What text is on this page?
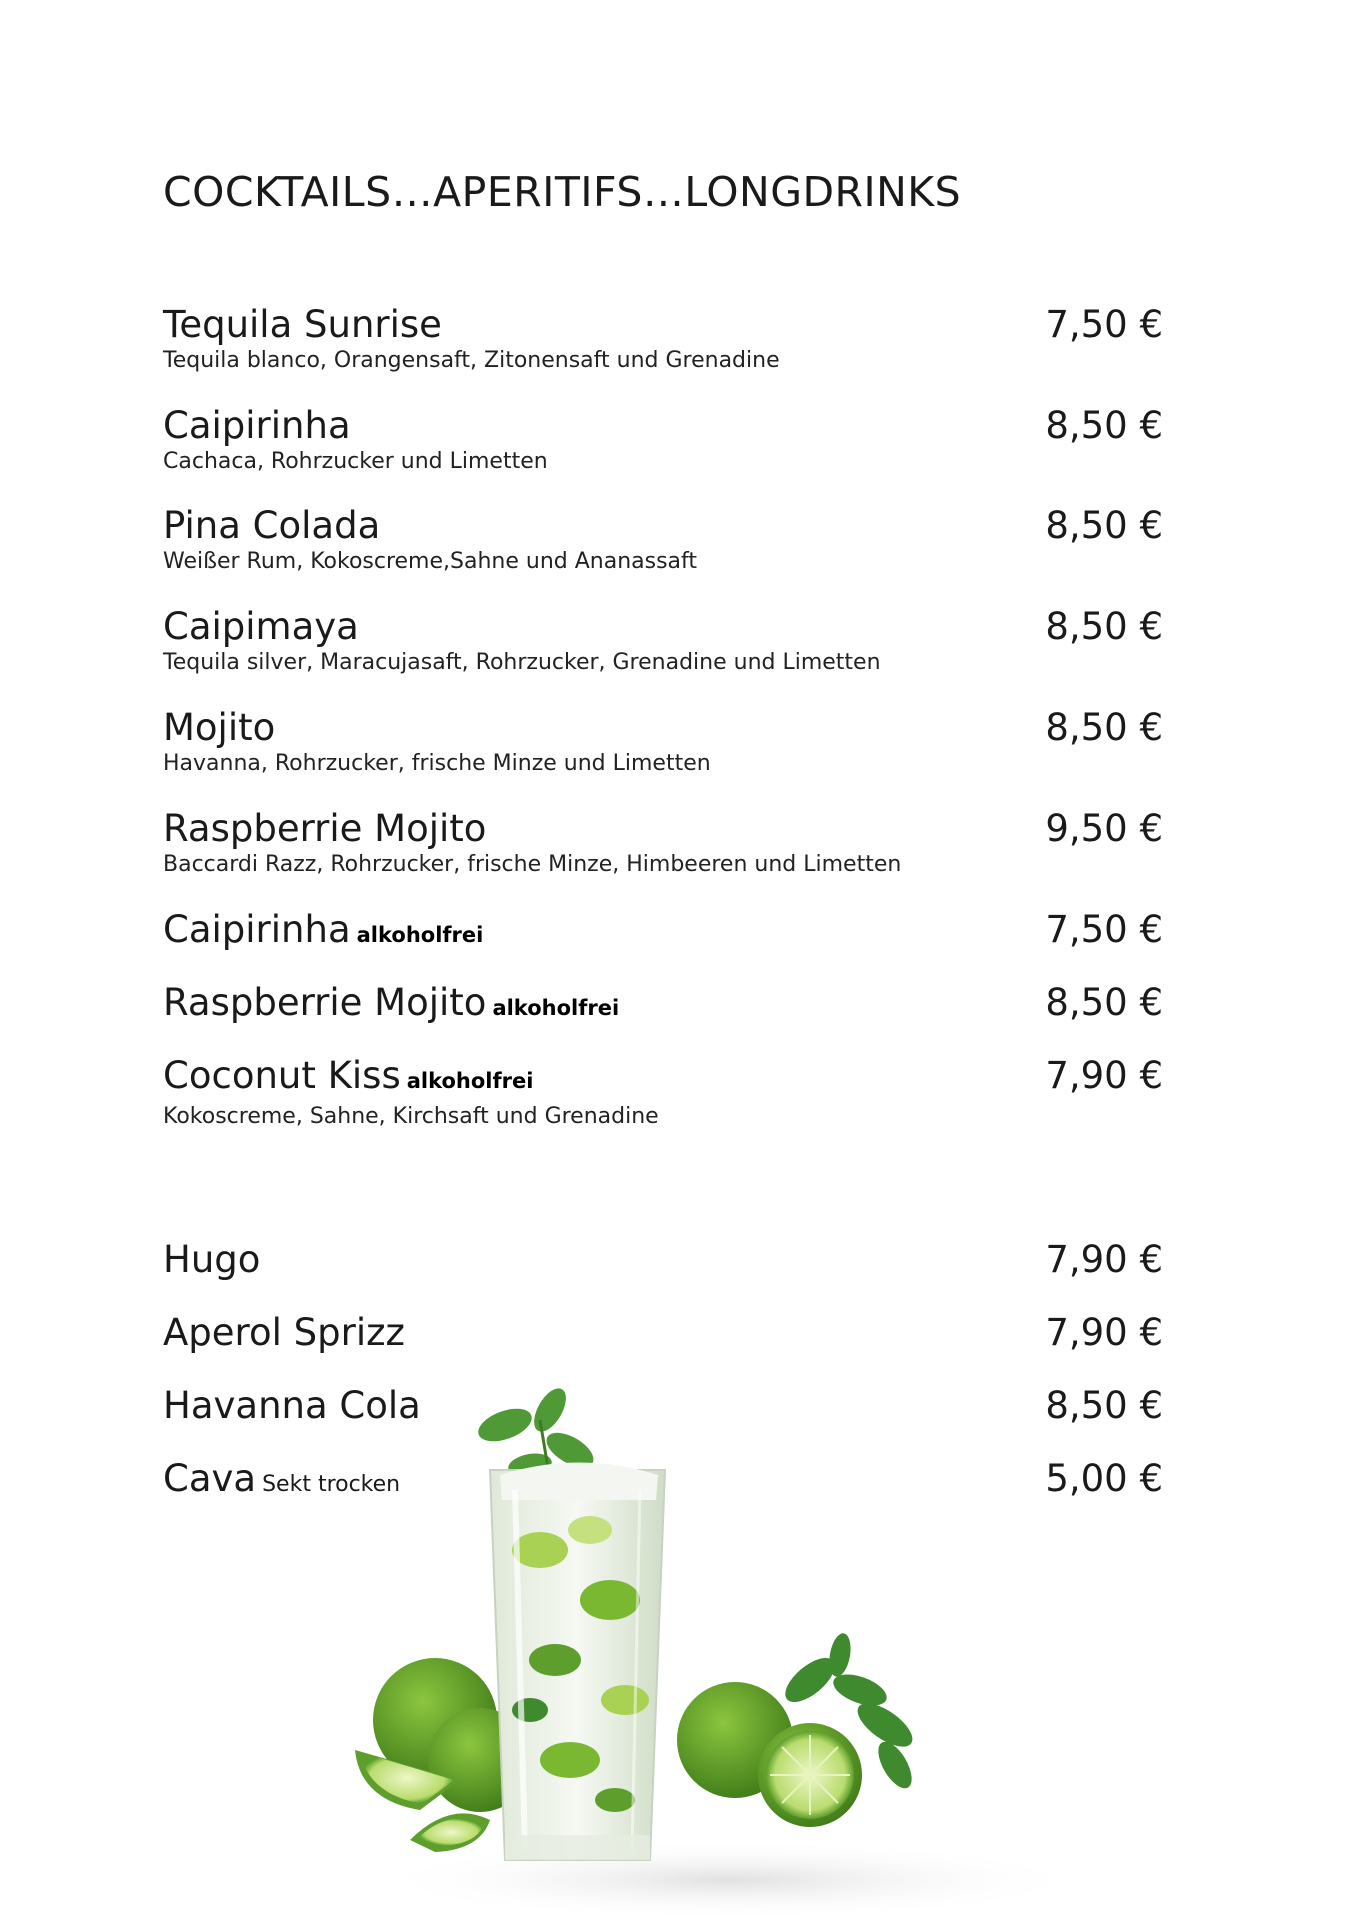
COCKTAILS…APERITIFS…LONGDRINKS
Tequila Sunrise
Tequila blanco, Orangensaft, Zitonensaft und Grenadine
7,50 €
Caipirinha
Cachaca, Rohrzucker und Limetten
8,50 €
Pina Colada
Weißer Rum, Kokoscreme,Sahne und Ananassaft
8,50 €
Caipimaya
Tequila silver, Maracujasaft, Rohrzucker, Grenadine und Limetten
8,50 €
Mojito
Havanna, Rohrzucker, frische Minze und Limetten
8,50 €
Raspberrie Mojito
Baccardi Razz, Rohrzucker, frische Minze, Himbeeren und Limetten
9,50 €
Caipirinha alkoholfrei	7,50 €
Raspberrie Mojito alkoholfrei	8,50 €
Coconut Kiss alkoholfrei
Kokoscreme, Sahne, Kirchsaft und Grenadine
7,90 €
Hugo	7,90 €
Aperol Sprizz	7,90 €
Havanna Cola	8,50 €
Cava Sekt trocken	5,00 €
